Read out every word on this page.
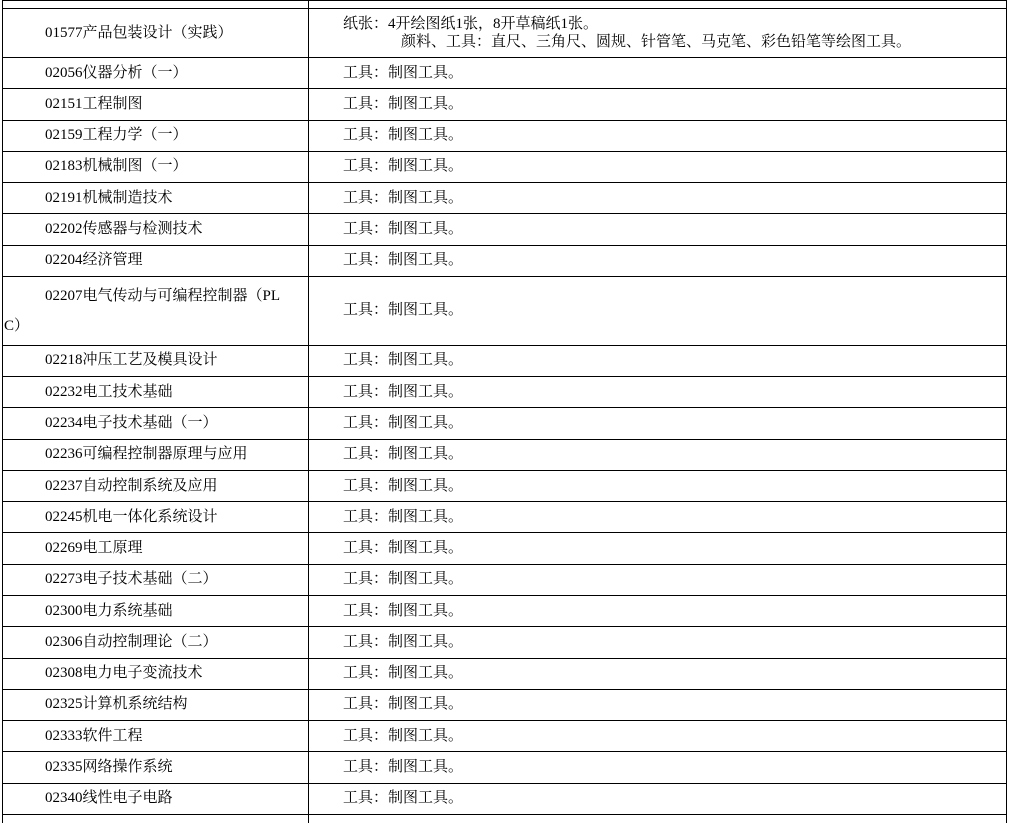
01577产品包装设计（实践）	纸张：4开绘图纸1张，8开草稿纸1张。
颜料、工具：直尺、三角尺、圆规、针管笔、马克笔、彩色铅笔等绘图工具。

02056仪器分析（一）	工具：制图工具。

02151工程制图	工具：制图工具。

02159工程力学（一）	工具：制图工具。

02183机械制图（一）	工具：制图工具。

02191机械制造技术	工具：制图工具。

02202传感器与检测技术	工具：制图工具。

02204经济管理	工具：制图工具。

02207电气传动与可编程控制器（PL
C）	工具：制图工具。

02218冲压工艺及模具设计	工具：制图工具。

02232电工技术基础	工具：制图工具。

02234电子技术基础（一）	工具：制图工具。

02236可编程控制器原理与应用	工具：制图工具。

02237自动控制系统及应用	工具：制图工具。

02245机电一体化系统设计	工具：制图工具。

02269电工原理	工具：制图工具。

02273电子技术基础（二）	工具：制图工具。

02300电力系统基础	工具：制图工具。

02306自动控制理论（二）	工具：制图工具。

02308电力电子变流技术	工具：制图工具。

02325计算机系统结构	工具：制图工具。

02333软件工程	工具：制图工具。

02335网络操作系统	工具：制图工具。

02340线性电子电路	工具：制图工具。
